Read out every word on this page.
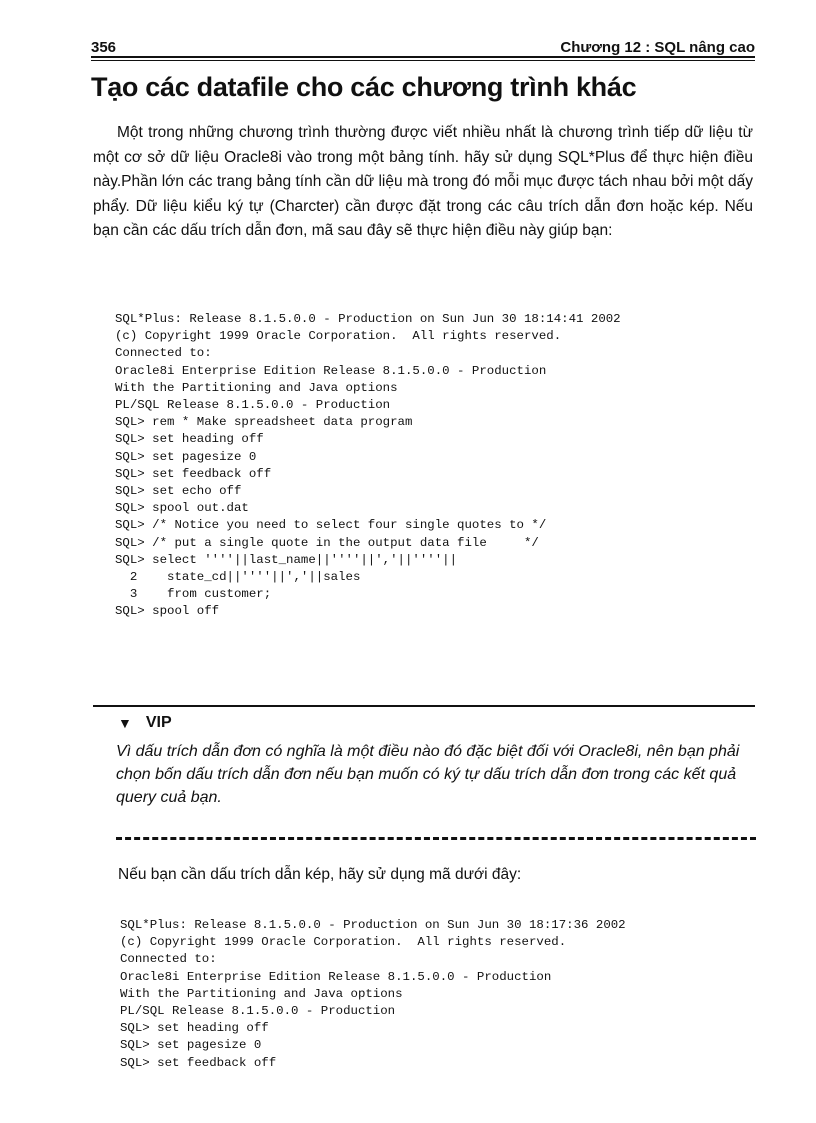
356	Chương 12 : SQL nâng cao
Tạo các datafile cho các chương trình khác
Một trong những chương trình thường được viết nhiều nhất là chương trình tiếp dữ liệu từ một cơ sở dữ liệu Oracle8i vào trong một bảng tính. hãy sử dụng SQL*Plus để thực hiện điều này.Phần lớn các trang bảng tính cần dữ liệu mà trong đó mỗi mục được tách nhau bởi một dấy phẩy. Dữ liệu kiểu ký tự (Charcter) cần được đặt trong các câu trích dẫn đơn hoặc kép. Nếu bạn cần các dấu trích dẫn đơn, mã sau đây sẽ thực hiện điều này giúp bạn:
SQL*Plus: Release 8.1.5.0.0 - Production on Sun Jun 30 18:14:41 2002
(c) Copyright 1999 Oracle Corporation.  All rights reserved.
Connected to:
Oracle8i Enterprise Edition Release 8.1.5.0.0 - Production
With the Partitioning and Java options
PL/SQL Release 8.1.5.0.0 - Production
SQL> rem * Make spreadsheet data program
SQL> set heading off
SQL> set pagesize 0
SQL> set feedback off
SQL> set echo off
SQL> spool out.dat
SQL> /* Notice you need to select four single quotes to */
SQL> /* put a single quote in the output data file     */
SQL> select ''''||last_name||''''||','||''''||
2    state_cd||''''||','||sales
3    from customer;
SQL> spool off
▼ VIP
Vì dấu trích dẫn đơn có nghĩa là một điều nào đó đặc biệt đối với Oracle8i, nên bạn phải chọn bốn dấu trích dẫn đơn nếu bạn muốn có ký tự dấu trích dẫn đơn trong các kết quả query cuả bạn.
Nếu bạn cần dấu trích dẫn kép, hãy sử dụng mã dưới đây:
SQL*Plus: Release 8.1.5.0.0 - Production on Sun Jun 30 18:17:36 2002
(c) Copyright 1999 Oracle Corporation.  All rights reserved.
Connected to:
Oracle8i Enterprise Edition Release 8.1.5.0.0 - Production
With the Partitioning and Java options
PL/SQL Release 8.1.5.0.0 - Production
SQL> set heading off
SQL> set pagesize 0
SQL> set feedback off
